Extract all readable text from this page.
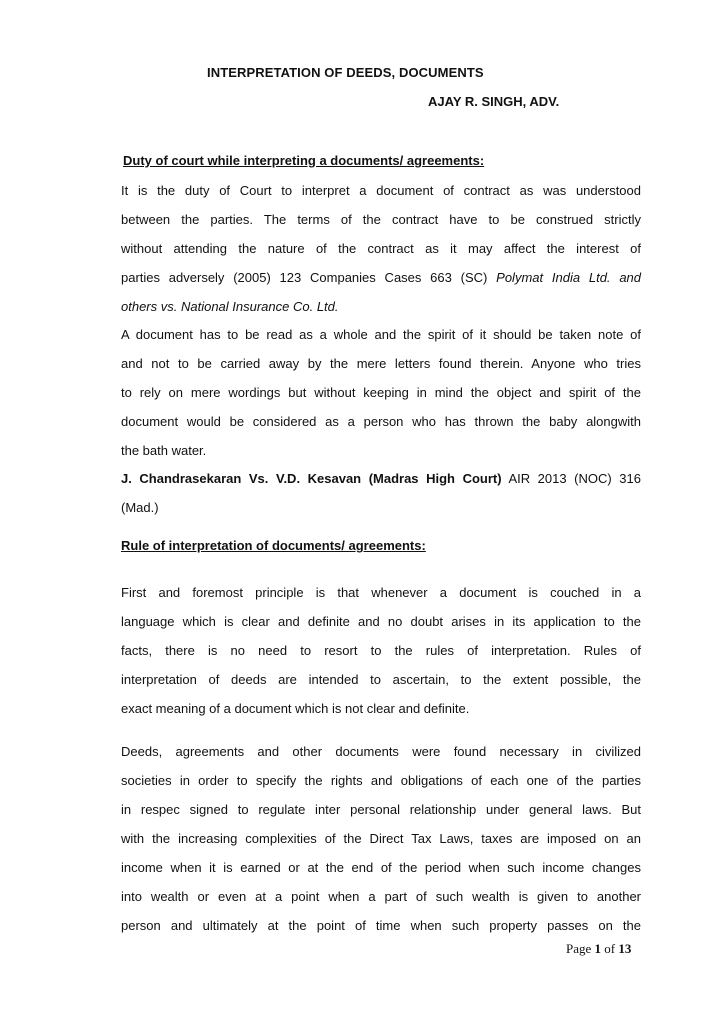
INTERPRETATION OF DEEDS, DOCUMENTS
AJAY R. SINGH, ADV.
Duty of court while interpreting a documents/ agreements:
It is the duty of Court to interpret a document of contract as was understood
between the parties. The terms of the contract have to be construed strictly
without attending the nature of the contract as it may affect the interest of
parties adversely (2005) 123 Companies Cases 663 (SC) Polymat India Ltd. and
others vs. National Insurance Co. Ltd.
A document has to be read as a whole and the spirit of it should be taken note of
and not to be carried away by the mere letters found therein. Anyone who tries
to rely on mere wordings but without keeping in mind the object and spirit of the
document would be considered as a person who has thrown the baby alongwith
the bath water.
J. Chandrasekaran Vs. V.D. Kesavan (Madras High Court) AIR 2013 (NOC) 316
(Mad.)
Rule of interpretation of documents/ agreements:
First and foremost principle is that whenever a document is couched in a
language which is clear and definite and no doubt arises in its application to the
facts, there is no need to resort to the rules of interpretation. Rules of
interpretation of deeds are intended to ascertain, to the extent possible, the
exact meaning of a document which is not clear and definite.
Deeds, agreements and other documents were found necessary in civilized
societies in order to specify the rights and obligations of each one of the parties
in respec signed to regulate inter personal relationship under general laws. But
with the increasing complexities of the Direct Tax Laws, taxes are imposed on an
income when it is earned or at the end of the period when such income changes
into wealth or even at a point when a part of such wealth is given to another
person and ultimately at the point of time when such property passes on the
Page 1 of 13
